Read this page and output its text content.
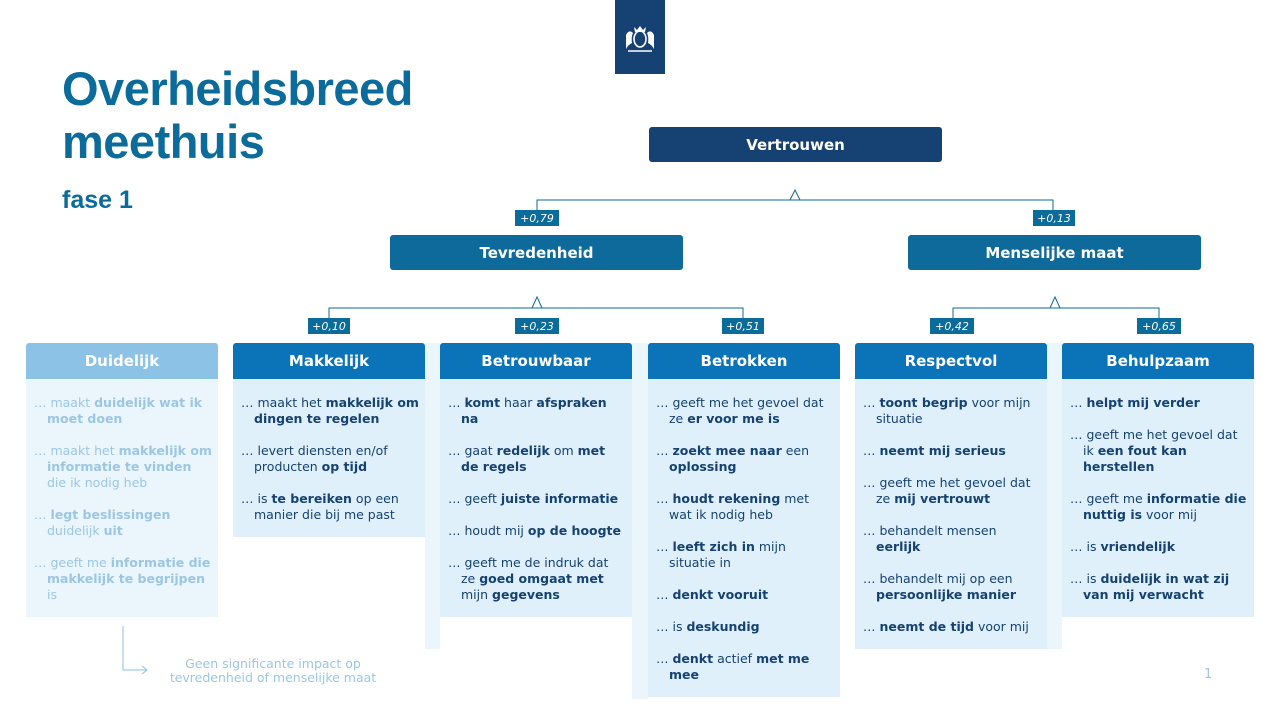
Overheidsbreed
meethuis
fase 1
Vertrouwen
Tevredenheid	Menselijke maat
+0,79	+0,13
+0,10	+0,23	+0,51	+0,42	+0,65
Duidelijk
… maakt duidelijk wat ik moet doen
… maakt het makkelijk om informatie te vinden die ik nodig heb
… legt beslissingen duidelijk uit
… geeft me informatie die makkelijk te begrijpen is
Makkelijk
… maakt het makkelijk om dingen te regelen
… levert diensten en/of producten op tijd
… is te bereiken op een manier die bij me past
Betrouwbaar
… komt haar afspraken na
… gaat redelijk om met de regels
… geeft juiste informatie
… houdt mij op de hoogte
… geeft me de indruk dat ze goed omgaat met mijn gegevens
Betrokken
… geeft me het gevoel dat ze er voor me is
… zoekt mee naar een oplossing
… houdt rekening met wat ik nodig heb
… leeft zich in mijn situatie in
… denkt vooruit
… is deskundig
… denkt actief met me mee
Respectvol
… toont begrip voor mijn situatie
… neemt mij serieus
… geeft me het gevoel dat ze mij vertrouwt
… behandelt mensen eerlijk
… behandelt mij op een persoonlijke manier
… neemt de tijd voor mij
Behulpzaam
… helpt mij verder
… geeft me het gevoel dat ik een fout kan herstellen
… geeft me informatie die nuttig is voor mij
… is vriendelijk
… is duidelijk in wat zij van mij verwacht
Geen significante impact op tevredenheid of menselijke maat	1
